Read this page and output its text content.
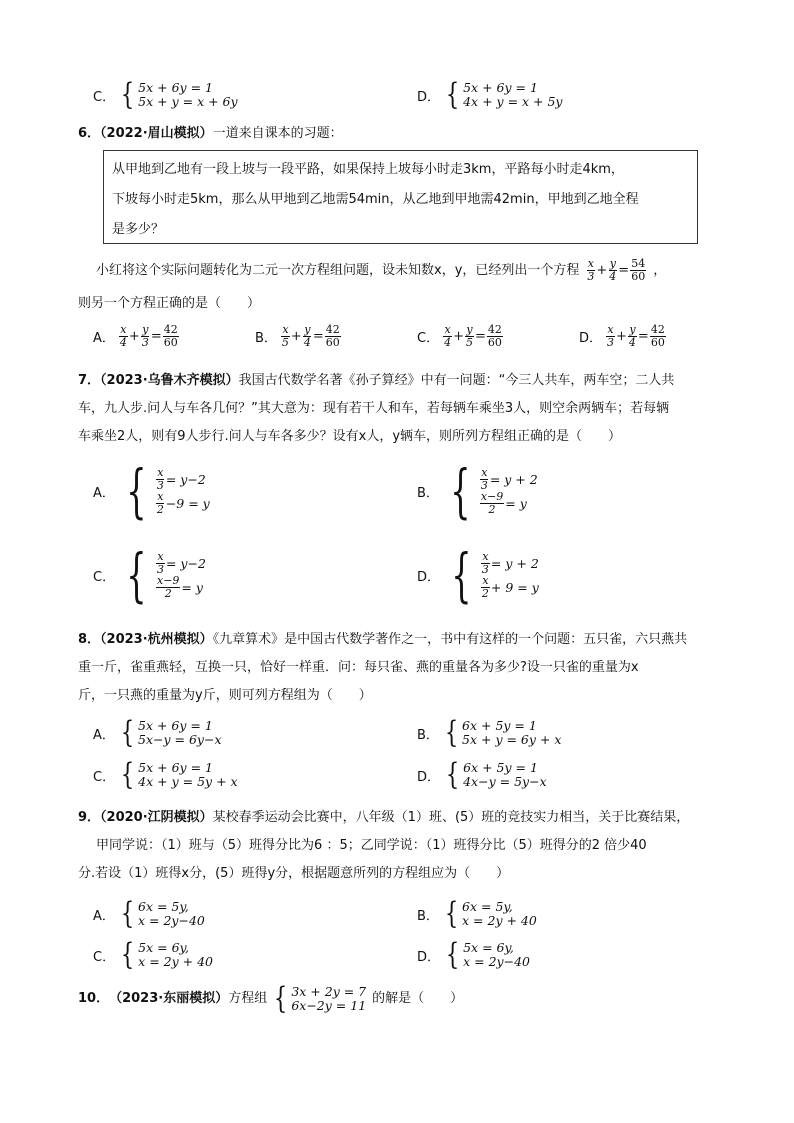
C． { 5x + 6y = 1
5x + y = x + 6y	D． { 5x + 6y = 1
4x + y = x + 5y
6．（2022·眉山模拟）一道来自课本的习题：
从甲地到乙地有一段上坡与一段平路，如果保持上坡每小时走3km，平路每小时走4km，
下坡每小时走5km，那么从甲地到乙地需54min，从乙地到甲地需42min，甲地到乙地全程
是多少？
小红将这个实际问题转化为二元一次方程组问题，设未知数x，y，已经列出一个方程 $\frac{x}{3} + \frac{y}{4} = \frac{54}{60}$ ，
则另一个方程正确的是（　　）
A． $\frac{x}{4} + \frac{y}{3} = \frac{42}{60}$	B． $\frac{x}{5} + \frac{y}{4} = \frac{42}{60}$	C． $\frac{x}{4} + \frac{y}{5} = \frac{42}{60}$	D． $\frac{x}{3} + \frac{y}{4} = \frac{42}{60}$
7．（2023·乌鲁木齐模拟）我国古代数学名著《孙子算经》中有一问题：“今三人共车，两车空；二人共
车，九人步.问人与车各几何？”其大意为：现有若干人和车，若每辆车乘坐3人，则空余两辆车；若每辆
车乘坐2人，则有9人步行.问人与车各多少？设有x人，y辆车，则所列方程组正确的是（　　）
A． { $\frac{x}{3} = y-2$
$\frac{x}{2} -9 = y$
B． { $\frac{x}{3} = y + 2$
$\frac{x-9}{2} = y$
C． { $\frac{x}{3} = y-2$
$\frac{x-9}{2} = y$
D． { $\frac{x}{3} = y + 2$
$\frac{x}{2} + 9 = y$
8．（2023·杭州模拟）《九章算术》是中国古代数学著作之一，书中有这样的一个问题：五只雀，六只燕共
重一斤，雀重燕轻，互换一只，恰好一样重．问：每只雀、燕的重量各为多少?设一只雀的重量为x
斤，一只燕的重量为y斤，则可列方程组为（　　）
A． { 5x + 6y = 1
5x−y = 6y−x	B． { 6x + 5y = 1
5x + y = 6y + x
C． { 5x + 6y = 1
4x + y = 5y + x	D． { 6x + 5y = 1
4x−y = 5y−x
9．（2020·江阴模拟）某校春季运动会比赛中，八年级（1）班、(5）班的竞技实力相当，关于比赛结果，
甲同学说：（1）班与（5）班得分比为6 ：5；乙同学说：（1）班得分比（5）班得分的2 倍少40
分.若设（1）班得x分，(5）班得y分，根据题意所列的方程组应为（　　）
A． { 6x = 5y,
x = 2y−40	B． { 6x = 5y,
x = 2y + 40
C． { 5x = 6y,
x = 2y + 40	D． { 5x = 6y,
x = 2y−40
10． （2023·东丽模拟） 方程组 { 3x + 2y = 7
6x−2y = 11 的解是（　　）
